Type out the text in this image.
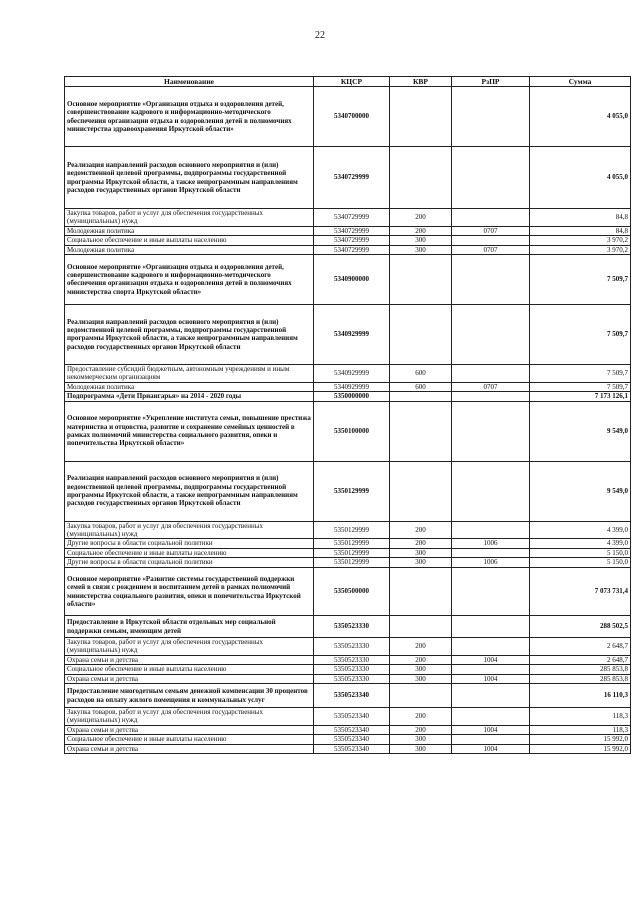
22
Наименование	КЦСР	КВР	РзПР	Сумма
Основное мероприятие «Организация отдыха и оздоровления детей, совершенствование кадрового и информационно-методического обеспечения организации отдыха и оздоровления детей в полномочиях министерства здравоохранения Иркутской области»	5340700000			4 055,0
Реализация направлений расходов основного мероприятия и (или) ведомственной целевой программы, подпрограммы государственной программы Иркутской области, а также непрограммным направлениям расходов государственных органов Иркутской области	5340729999			4 055,0
Закупка товаров, работ и услуг для обеспечения государственных (муниципальных) нужд	5340729999	200		84,8
Молодежная политика	5340729999	200	0707	84,8
Социальное обеспечение и иные выплаты населению	5340729999	300		3 970,2
Молодежная политика	5340729999	300	0707	3 970,2
Основное мероприятие «Организация отдыха и оздоровления детей, совершенствование кадрового и информационно-методического обеспечения организации отдыха и оздоровления детей в полномочиях министерства спорта Иркутской области»	5340900000			7 509,7
Реализация направлений расходов основного мероприятия и (или) ведомственной целевой программы, подпрограммы государственной программы Иркутской области, а также непрограммным направлениям расходов государственных органов Иркутской области	5340929999			7 509,7
Предоставление субсидий бюджетным, автономным учреждениям и иным некоммерческим организациям	5340929999	600		7 509,7
Молодежная политика	5340929999	600	0707	7 509,7
Подпрограмма «Дети Приангарья» на 2014 - 2020 годы	5350000000			7 173 126,1
Основное мероприятие «Укрепление института семьи, повышение престижа материнства и отцовства, развитие и сохранение семейных ценностей в рамках полномочий министерства социального развития, опеки и попечительства Иркутской области»	5350100000			9 549,0
Реализация направлений расходов основного мероприятия и (или) ведомственной целевой программы, подпрограммы государственной программы Иркутской области, а также непрограммным направлениям расходов государственных органов Иркутской области	5350129999			9 549,0
Закупка товаров, работ и услуг для обеспечения государственных (муниципальных) нужд	5350129999	200		4 399,0
Другие вопросы в области социальной политики	5350129999	200	1006	4 399,0
Социальное обеспечение и иные выплаты населению	5350129999	300		5 150,0
Другие вопросы в области социальной политики	5350129999	300	1006	5 150,0
Основное мероприятие «Развитие системы государственной поддержки семей в связи с рождением и воспитанием детей в рамках полномочий министерства социального развития, опеки и попечительства Иркутской области»	5350500000			7 073 731,4
Предоставление в Иркутской области отдельных мер социальной поддержки семьям, имеющим детей	5350523330			288 502,5
Закупка товаров, работ и услуг для обеспечения государственных (муниципальных) нужд	5350523330	200		2 648,7
Охрана семьи и детства	5350523330	200	1004	2 648,7
Социальное обеспечение и иные выплаты населению	5350523330	300		285 853,8
Охрана семьи и детства	5350523330	300	1004	285 853,8
Предоставление многодетным семьям денежной компенсации 30 процентов расходов на оплату жилого помещения и коммунальных услуг	5350523340			16 110,3
Закупка товаров, работ и услуг для обеспечения государственных (муниципальных) нужд	5350523340	200		118,3
Охрана семьи и детства	5350523340	200	1004	118,3
Социальное обеспечение и иные выплаты населению	5350523340	300		15 992,0
Охрана семьи и детства	5350523340	300	1004	15 992,0
